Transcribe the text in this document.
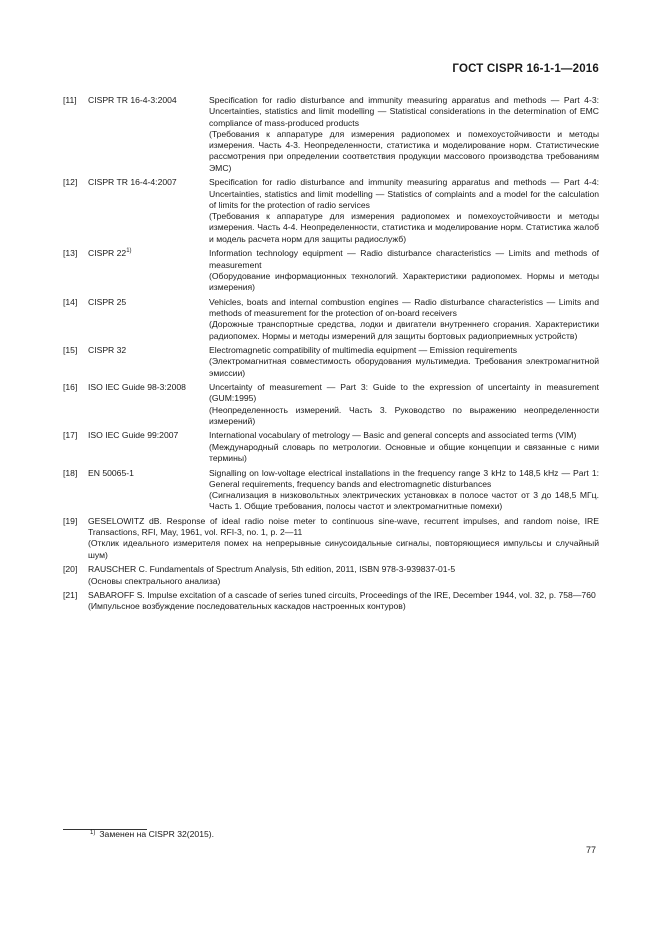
ГОСТ CISPR 16-1-1—2016
[11]	CISPR TR 16-4-3:2004	Specification for radio disturbance and immunity measuring apparatus and methods — Part 4-3: Uncertainties, statistics and limit modelling — Statistical considerations in the determination of EMC compliance of mass-produced products
(Требования к аппаратуре для измерения радиопомех и помехоустойчивости и методы измерения. Часть 4-3. Неопределенности, статистика и моделирование норм. Статистические рассмотрения при определении соответствия продукции массового производства требованиям ЭМС)
[12]	CISPR TR 16-4-4:2007	Specification for radio disturbance and immunity measuring apparatus and methods — Part 4-4: Uncertainties, statistics and limit modelling — Statistics of complaints and a model for the calculation of limits for the protection of radio services
(Требования к аппаратуре для измерения радиопомех и помехоустойчивости и методы измерения. Часть 4-4. Неопределенности, статистика и моделирование норм. Статистика жалоб и модель расчета норм для защиты радиослужб)
[13]	CISPR 22$^{1)}$	Information technology equipment — Radio disturbance characteristics — Limits and methods of measurement
(Оборудование информационных технологий. Характеристики радиопомех. Нормы и методы измерения)
[14]	CISPR 25	Vehicles, boats and internal combustion engines — Radio disturbance characteristics — Limits and methods of measurement for the protection of on-board receivers
(Дорожные транспортные средства, лодки и двигатели внутреннего сгорания. Характеристики радиопомех. Нормы и методы измерений для защиты бортовых радиоприемных устройств)
[15]	CISPR 32	Electromagnetic compatibility of multimedia equipment — Emission requirements
(Электромагнитная совместимость оборудования мультимедиа. Требования электромагнитной эмиссии)
[16]	ISO IEC Guide 98-3:2008	Uncertainty of measurement — Part 3: Guide to the expression of uncertainty in measurement (GUM:1995)
(Неопределенность измерений. Часть 3. Руководство по выражению неопределенности измерений)
[17]	ISO IEC Guide 99:2007	International vocabulary of metrology — Basic and general concepts and associated terms (VIM)
(Международный словарь по метрологии. Основные и общие концепции и связанные с ними термины)
[18]	EN 50065-1	Signalling on low-voltage electrical installations in the frequency range 3 kHz to 148,5 kHz — Part 1: General requirements, frequency bands and electromagnetic disturbances
(Сигнализация в низковольтных электрических установках в полосе частот от 3 до 148,5 МГц. Часть 1. Общие требования, полосы частот и электромагнитные помехи)
[19]	GESELOWITZ dB. Response of ideal radio noise meter to continuous sine-wave, recurrent impulses, and random noise, IRE Transactions, RFI, May, 1961, vol. RFI-3, no. 1, p. 2—11
(Отклик идеального измерителя помех на непрерывные синусоидальные сигналы, повторяющиеся импульсы и случайный шум)
[20]	RAUSCHER C. Fundamentals of Spectrum Analysis, 5th edition, 2011, ISBN 978-3-939837-01-5
(Основы спектрального анализа)
[21]	SABAROFF S. Impulse excitation of a cascade of series tuned circuits, Proceedings of the IRE, December 1944, vol. 32, p. 758—760
(Импульсное возбуждение последовательных каскадов настроенных контуров)
$^{1)}$ Заменен на CISPR 32(2015).
77
